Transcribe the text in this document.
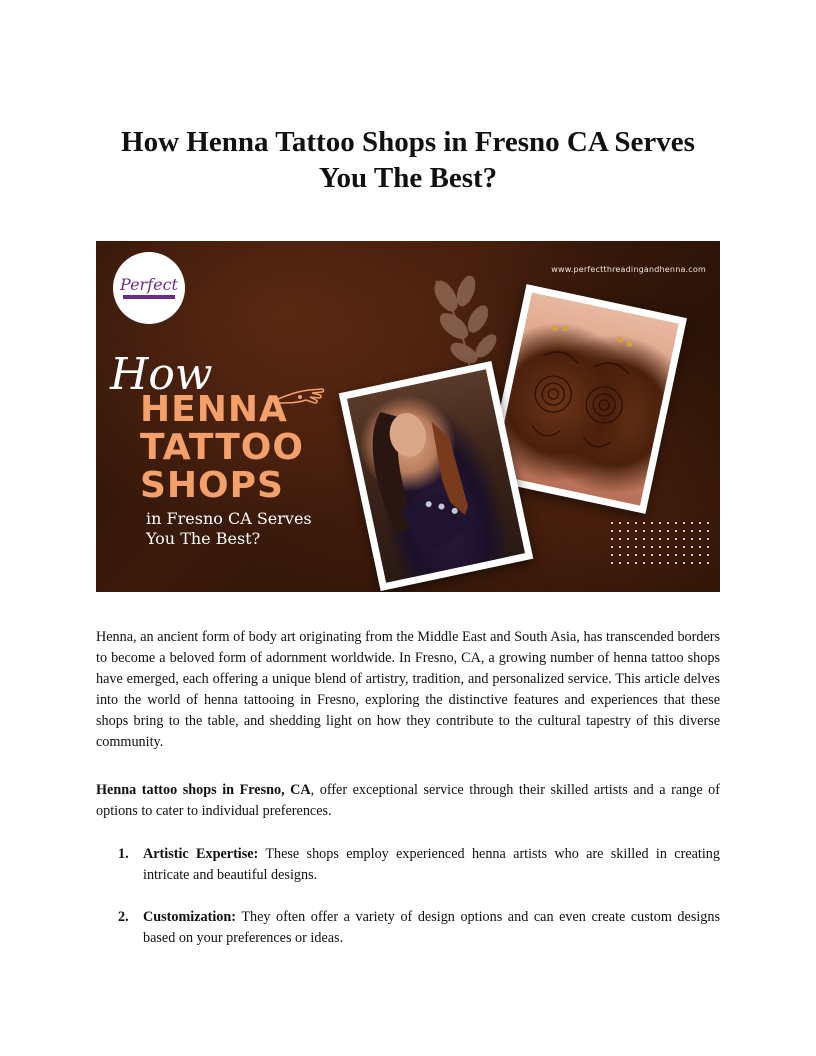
How Henna Tattoo Shops in Fresno CA Serves You The Best?
Perfect
www.perfectthreadingandhenna.com
How
HENNA
TATTOO
SHOPS
in Fresno CA Serves
You The Best?

Henna, an ancient form of body art originating from the Middle East and South Asia, has transcended borders to become a beloved form of adornment worldwide. In Fresno, CA, a growing number of henna tattoo shops have emerged, each offering a unique blend of artistry, tradition, and personalized service. This article delves into the world of henna tattooing in Fresno, exploring the distinctive features and experiences that these shops bring to the table, and shedding light on how they contribute to the cultural tapestry of this diverse community.

Henna tattoo shops in Fresno, CA, offer exceptional service through their skilled artists and a range of options to cater to individual preferences.

1. Artistic Expertise: These shops employ experienced henna artists who are skilled in creating intricate and beautiful designs.
2. Customization: They often offer a variety of design options and can even create custom designs based on your preferences or ideas.
